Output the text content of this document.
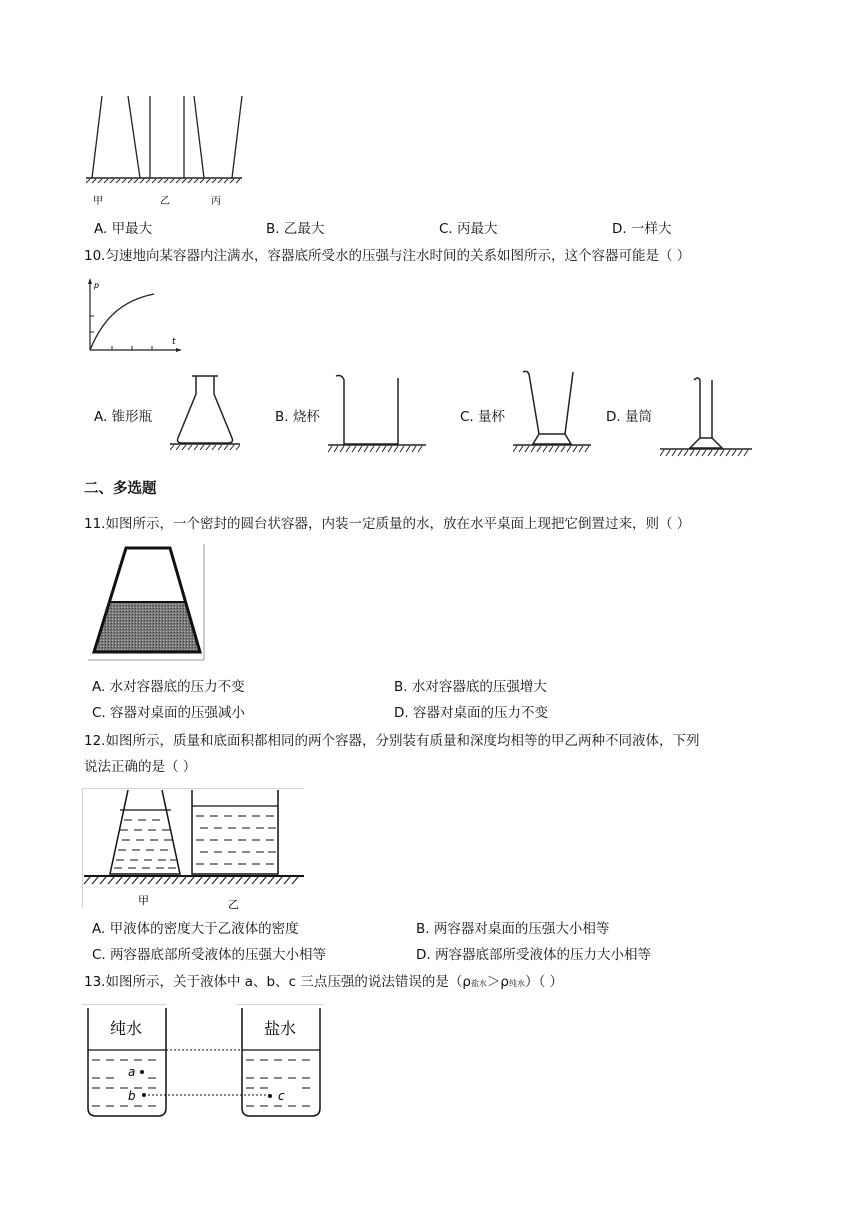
甲	乙	丙
A. 甲最大	B. 乙最大	C. 丙最大	D. 一样大
10.匀速地向某容器内注满水，容器底所受水的压强与注水时间的关系如图所示，这个容器可能是（ ）
p
t
A. 锥形瓶	B. 烧杯	C. 量杯	D. 量筒
二、多选题
11.如图所示，一个密封的圆台状容器，内装一定质量的水，放在水平桌面上现把它倒置过来，则（ ）
A. 水对容器底的压力不变	B. 水对容器底的压强增大
C. 容器对桌面的压强减小	D. 容器对桌面的压力不变
12.如图所示，质量和底面积都相同的两个容器，分别装有质量和深度均相等的甲乙两种不同液体，下列
说法正确的是（ ）
甲	乙
A. 甲液体的密度大于乙液体的密度	B. 两容器对桌面的压强大小相等
C. 两容器底部所受液体的压强大小相等	D. 两容器底部所受液体的压力大小相等
13.如图所示，关于液体中 a、b、c 三点压强的说法错误的是（ρ盐水＞ρ纯水）（ ）
a
b	c
纯水	盐水
